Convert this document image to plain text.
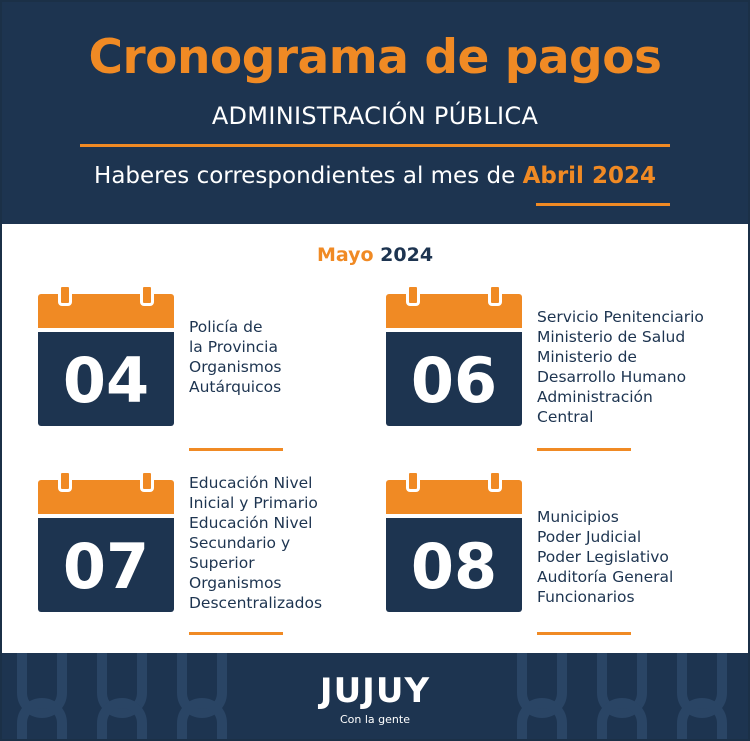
Cronograma de pagos
ADMINISTRACIÓN PÚBLICA
Haberes correspondientes al mes de Abril 2024
Mayo 2024
04
Policía de
la Provincia
Organismos
Autárquicos	06
Servicio Penitenciario
Ministerio de Salud
Ministerio de
Desarrollo Humano
Administración
Central
07
Educación Nivel
Inicial y Primario
Educación Nivel
Secundario y
Superior
Organismos
Descentralizados	08
Municipios
Poder Judicial
Poder Legislativo
Auditoría General
Funcionarios
JUJUY
Con la gente
